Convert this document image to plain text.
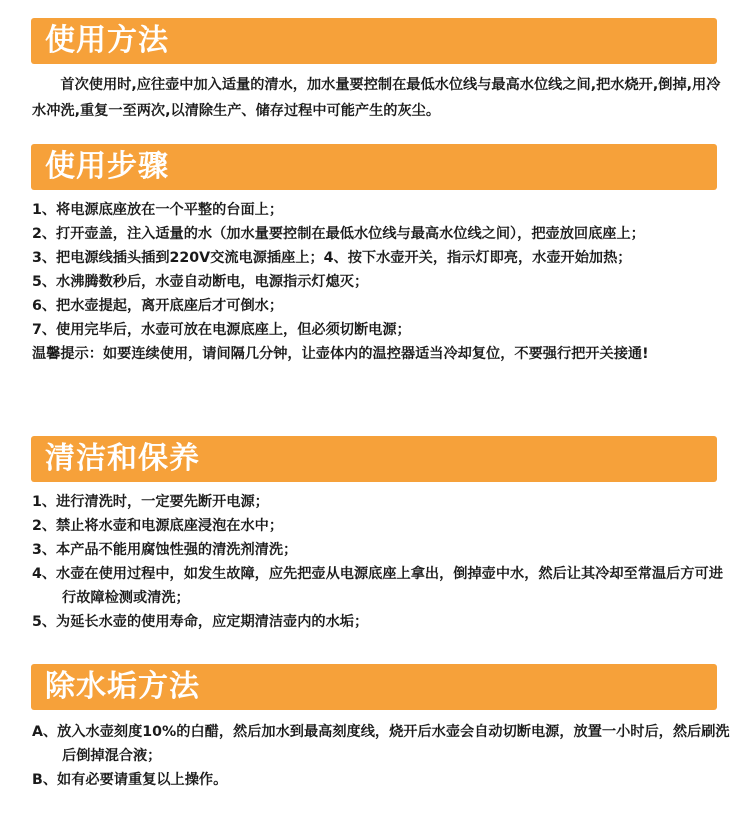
使用方法

首次使用时,应往壶中加入适量的清水，加水量要控制在最低水位线与最高水位线之间,把水烧开,倒掉,用冷水冲洗,重复一至两次,以清除生产、储存过程中可能产生的灰尘。

使用步骤
1、将电源底座放在一个平整的台面上；
2、打开壶盖，注入适量的水（加水量要控制在最低水位线与最高水位线之间），把壶放回底座上；
3、把电源线插头插到220V交流电源插座上；4、按下水壶开关，指示灯即亮，水壶开始加热；
5、水沸腾数秒后，水壶自动断电，电源指示灯熄灭；
6、把水壶提起，离开底座后才可倒水；
7、使用完毕后，水壶可放在电源底座上，但必须切断电源；
温馨提示：如要连续使用，请间隔几分钟，让壶体内的温控器适当冷却复位，不要强行把开关接通!
清洁和保养
1、进行清洗时，一定要先断开电源；
2、禁止将水壶和电源底座浸泡在水中；
3、本产品不能用腐蚀性强的清洗剂清洗；
4、水壶在使用过程中，如发生故障，应先把壶从电源底座上拿出，倒掉壶中水，然后让其冷却至常温后方可进行故障检测或清洗；
5、为延长水壶的使用寿命，应定期清洁壶内的水垢；
除水垢方法
A、放入水壶刻度10%的白醋，然后加水到最高刻度线，烧开后水壶会自动切断电源，放置一小时后，然后刷洗后倒掉混合液；
B、如有必要请重复以上操作。
